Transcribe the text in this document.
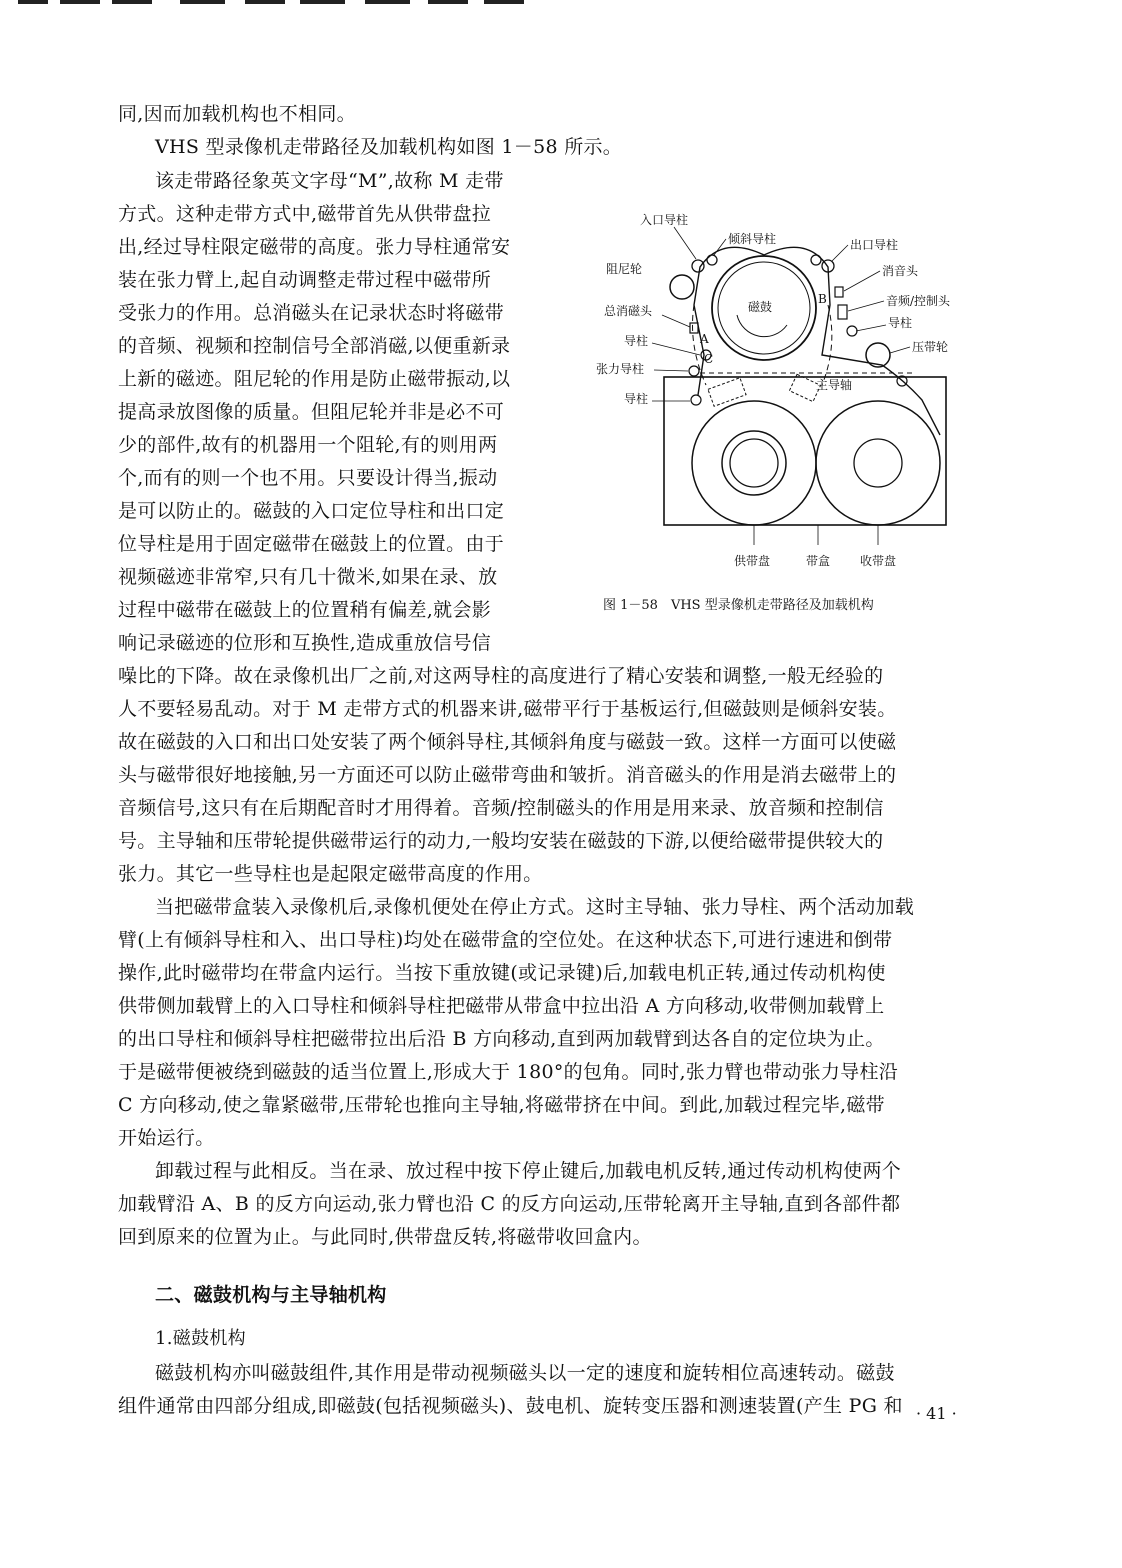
同,因而加载机构也不相同。
VHS 型录像机走带路径及加载机构如图 1－58 所示。
该走带路径象英文字母“M”,故称 M 走带
方式。这种走带方式中,磁带首先从供带盘拉
出,经过导柱限定磁带的高度。张力导柱通常安
装在张力臂上,起自动调整走带过程中磁带所
受张力的作用。总消磁头在记录状态时将磁带
的音频、视频和控制信号全部消磁,以便重新录
上新的磁迹。阻尼轮的作用是防止磁带振动,以
提高录放图像的质量。但阻尼轮并非是必不可
少的部件,故有的机器用一个阻轮,有的则用两
个,而有的则一个也不用。只要设计得当,振动
是可以防止的。磁鼓的入口定位导柱和出口定
位导柱是用于固定磁带在磁鼓上的位置。由于
视频磁迹非常窄,只有几十微米,如果在录、放
过程中磁带在磁鼓上的位置稍有偏差,就会影
响记录磁迹的位形和互换性,造成重放信号信
噪比的下降。故在录像机出厂之前,对这两导柱的高度进行了精心安装和调整,一般无经验的
人不要轻易乱动。对于 M 走带方式的机器来讲,磁带平行于基板运行,但磁鼓则是倾斜安装。
故在磁鼓的入口和出口处安装了两个倾斜导柱,其倾斜角度与磁鼓一致。这样一方面可以使磁
头与磁带很好地接触,另一方面还可以防止磁带弯曲和皱折。消音磁头的作用是消去磁带上的
音频信号,这只有在后期配音时才用得着。音频/控制磁头的作用是用来录、放音频和控制信
号。主导轴和压带轮提供磁带运行的动力,一般均安装在磁鼓的下游,以便给磁带提供较大的
张力。其它一些导柱也是起限定磁带高度的作用。
当把磁带盒装入录像机后,录像机便处在停止方式。这时主导轴、张力导柱、两个活动加载
臂(上有倾斜导柱和入、出口导柱)均处在磁带盒的空位处。在这种状态下,可进行速进和倒带
操作,此时磁带均在带盒内运行。当按下重放键(或记录键)后,加载电机正转,通过传动机构使
供带侧加载臂上的入口导柱和倾斜导柱把磁带从带盒中拉出沿 A 方向移动,收带侧加载臂上
的出口导柱和倾斜导柱把磁带拉出后沿 B 方向移动,直到两加载臂到达各自的定位块为止。
于是磁带便被绕到磁鼓的适当位置上,形成大于 180°的包角。同时,张力臂也带动张力导柱沿
C 方向移动,使之靠紧磁带,压带轮也推向主导轴,将磁带挤在中间。到此,加载过程完毕,磁带
开始运行。
卸载过程与此相反。当在录、放过程中按下停止键后,加载电机反转,通过传动机构使两个
加载臂沿 A、B 的反方向运动,张力臂也沿 C 的反方向运动,压带轮离开主导轴,直到各部件都
回到原来的位置为止。与此同时,供带盘反转,将磁带收回盒内。
二、磁鼓机构与主导轴机构
1.磁鼓机构
磁鼓机构亦叫磁鼓组件,其作用是带动视频磁头以一定的速度和旋转相位高速转动。磁鼓
组件通常由四部分组成,即磁鼓(包括视频磁头)、鼓电机、旋转变压器和测速装置(产生 PG 和
入口导柱
倾斜导柱	出口导柱
阻尼轮	消音头
磁鼓
总消磁头
音频/控制头
导柱
导柱
压带轮
张力导柱
主导轴
导柱
A
B
C
供带盘	带盒 收带盘
图 1－58　VHS 型录像机走带路径及加载机构
· 41 ·
